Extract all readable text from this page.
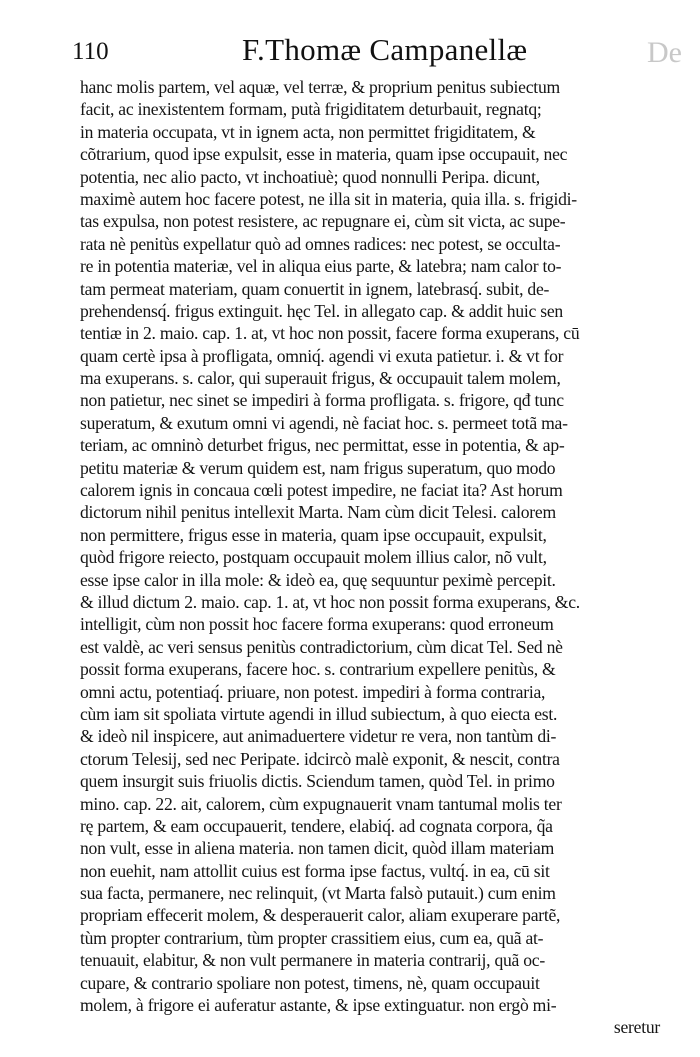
110	F.Thomæ Campanellæ	De
hanc molis partem, vel aquæ, vel terræ, & proprium penitus subiectum
facit, ac inexistentem formam, putà frigiditatem deturbauit, regnatq;
in materia occupata, vt in ignem acta, non permittet frigiditatem, &
cõtrarium, quod ipse expulsit, esse in materia, quam ipse occupauit, nec
potentia, nec alio pacto, vt inchoatiuè; quod nonnulli Peripa. dicunt,
maximè autem hoc facere potest, ne illa sit in materia, quia illa. s. frigidi-
tas expulsa, non potest resistere, ac repugnare ei, cùm sit victa, ac supe-
rata nè penitùs expellatur quò ad omnes radices: nec potest, se occulta-
re in potentia materiæ, vel in aliqua eius parte, & latebra; nam calor to-
tam permeat materiam, quam conuertit in ignem, latebrasq́. subit, de-
prehendensq́. frigus extinguit. hęc Tel. in allegato cap. & addit huic sen
tentiæ in 2. maio. cap. 1. at, vt hoc non possit, facere forma exuperans, cū
quam certè ipsa à profligata, omniq́. agendi vi exuta patietur. i. & vt for
ma exuperans. s. calor, qui superauit frigus, & occupauit talem molem,
non patietur, nec sinet se impediri à forma profligata. s. frigore, qđ tunc
superatum, & exutum omni vi agendi, nè faciat hoc. s. permeet totã ma-
teriam, ac omninò deturbet frigus, nec permittat, esse in potentia, & ap-
petitu materiæ & verum quidem est, nam frigus superatum, quo modo
calorem ignis in concaua cœli potest impedire, ne faciat ita? Ast horum
dictorum nihil penitus intellexit Marta. Nam cùm dicit Telesi. calorem
non permittere, frigus esse in materia, quam ipse occupauit, expulsit,
quòd frigore reiecto, postquam occupauit molem illius calor, nõ vult,
esse ipse calor in illa mole: & ideò ea, quę sequuntur peximè percepit.
& illud dictum 2. maio. cap. 1. at, vt hoc non possit forma exuperans, &c.
intelligit, cùm non possit hoc facere forma exuperans: quod erroneum
est valdè, ac veri sensus penitùs contradictorium, cùm dicat Tel. Sed nè
possit forma exuperans, facere hoc. s. contrarium expellere penitùs, &
omni actu, potentiaq́. priuare, non potest. impediri à forma contraria,
cùm iam sit spoliata virtute agendi in illud subiectum, à quo eiecta est.
& ideò nil inspicere, aut animaduertere videtur re vera, non tantùm di-
ctorum Telesij, sed nec Peripate. idcircò malè exponit, & nescit, contra
quem insurgit suis friuolis dictis. Sciendum tamen, quòd Tel. in primo
mino. cap. 22. ait, calorem, cùm expugnauerit vnam tantumal molis ter
rę partem, & eam occupauerit, tendere, elabiq́. ad cognata corpora, q̃a
non vult, esse in aliena materia. non tamen dicit, quòd illam materiam
non euehit, nam attollit cuius est forma ipse factus, vultq́. in ea, cū sit
sua facta, permanere, nec relinquit, (vt Marta falsò putauit.) cum enim
propriam effecerit molem, & desperauerit calor, aliam exuperare partẽ,
tùm propter contrarium, tùm propter crassitiem eius, cum ea, quã at-
tenuauit, elabitur, & non vult permanere in materia contrarij, quã oc-
cupare, & contrario spoliare non potest, timens, nè, quam occupauit
molem, à frigore ei auferatur astante, & ipse extinguatur. non ergò mi-
seretur
